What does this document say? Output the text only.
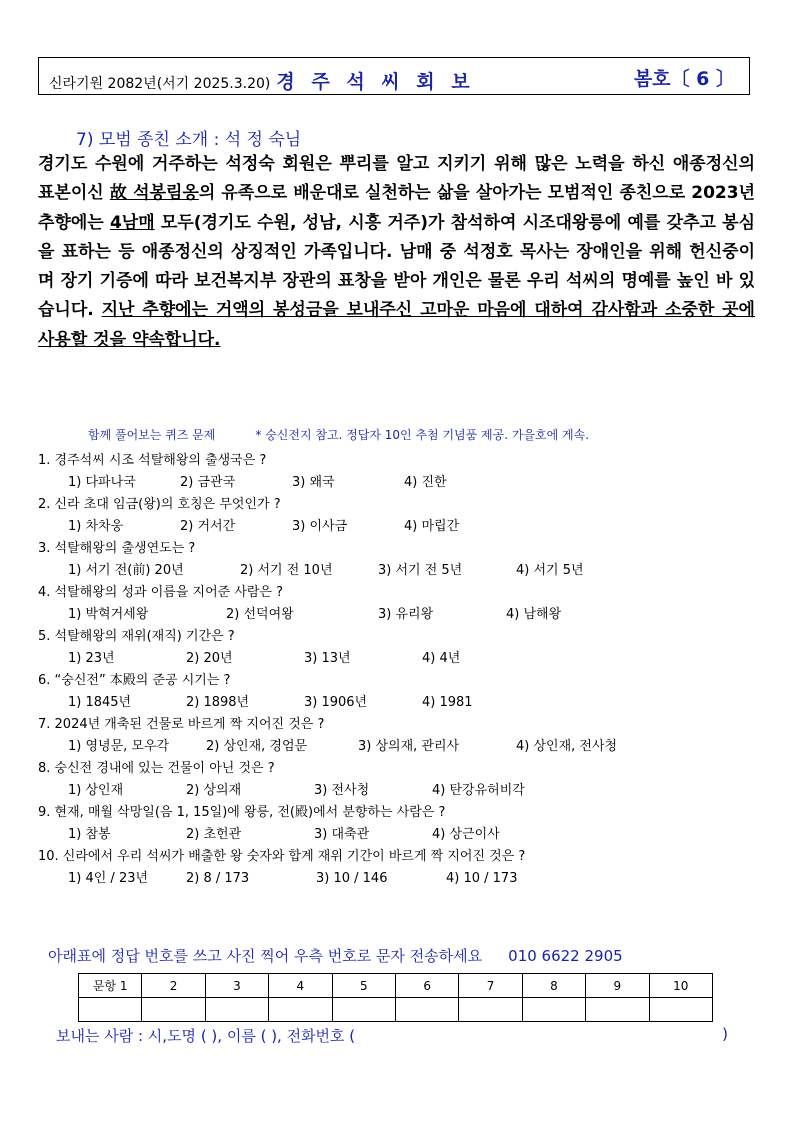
신라기원 2082년(서기 2025.3.20) 경 주 석 씨 회 보	봄호〔 6 〕
7) 모범 종친 소개 : 석 정 숙님

경기도 수원에 거주하는 석정숙 회원은 뿌리를 알고 지키기 위해 많은 노력을 하신 애종정신의 표본이신 故 석봉림옹의 유족으로 배운대로 실천하는 삶을 살아가는 모범적인 종친으로 2023년 추향에는 4남매 모두(경기도 수원, 성남, 시흥 거주)가 참석하여 시조대왕릉에 예를 갖추고 봉심을 표하는 등 애종정신의 상징적인 가족입니다. 남매 중 석정호 목사는 장애인을 위해 헌신중이며 장기 기증에 따라 보건복지부 장관의 표창을 받아 개인은 물론 우리 석씨의 명예를 높인 바 있습니다. 지난 추향에는 거액의 봉성금을 보내주신 고마운 마음에 대하여 감사함과 소중한 곳에 사용할 것을 약속합니다.

함께 풀어보는 퀴즈 문제	* 숭신전지 참고. 정답자 10인 추첨 기념품 제공. 가을호에 게속.
1. 경주석씨 시조 석탈해왕의 출생국은 ?
1) 다파나국	2) 금관국	3) 왜국	4) 진한
2. 신라 초대 임금(왕)의 호칭은 무엇인가 ?
1) 차차웅	2) 거서간	3) 이사금	4) 마립간
3. 석탈해왕의 출생연도는 ?
1) 서기 전(前) 20년	2) 서기 전 10년	3) 서기 전 5년	4) 서기 5년
4. 석탈해왕의 성과 이름을 지어준 사람은 ?
1) 박혁거세왕	2) 선덕여왕	3) 유리왕	4) 남해왕
5. 석탈해왕의 재위(재직) 기간은 ?
1) 23년	2) 20년	3) 13년	4) 4년
6. “숭신전” 本殿의 준공 시기는 ?
1) 1845년	2) 1898년	3) 1906년	4) 1981
7. 2024년 개축된 건물로 바르게 짝 지어진 것은 ?
1) 영녕문, 모우각	2) 상인재, 경엄문	3) 상의재, 관리사	4) 상인재, 전사청
8. 숭신전 경내에 있는 건물이 아닌 것은 ?
1) 상인재	2) 상의재	3) 전사청	4) 탄강유허비각
9. 현재, 매월 삭망일(음 1, 15일)에 왕릉, 전(殿)에서 분향하는 사람은 ?
1) 참봉	2) 초헌관	3) 대축관	4) 상근이사
10. 신라에서 우리 석씨가 배출한 왕 숫자와 합계 재위 기간이 바르게 짝 지어진 것은 ?
1) 4인 / 23년	2) 8 / 173	3) 10 / 146	4) 10 / 173
아래표에 정답 번호를 쓰고 사진 찍어 우측 번호로 문자 전송하세요 010 6622 2905
문항 1	2	3	4	5	6	7	8	9	10

보내는 사람 : 시,도명 ( ), 이름 ( ), 전화번호 (	)
